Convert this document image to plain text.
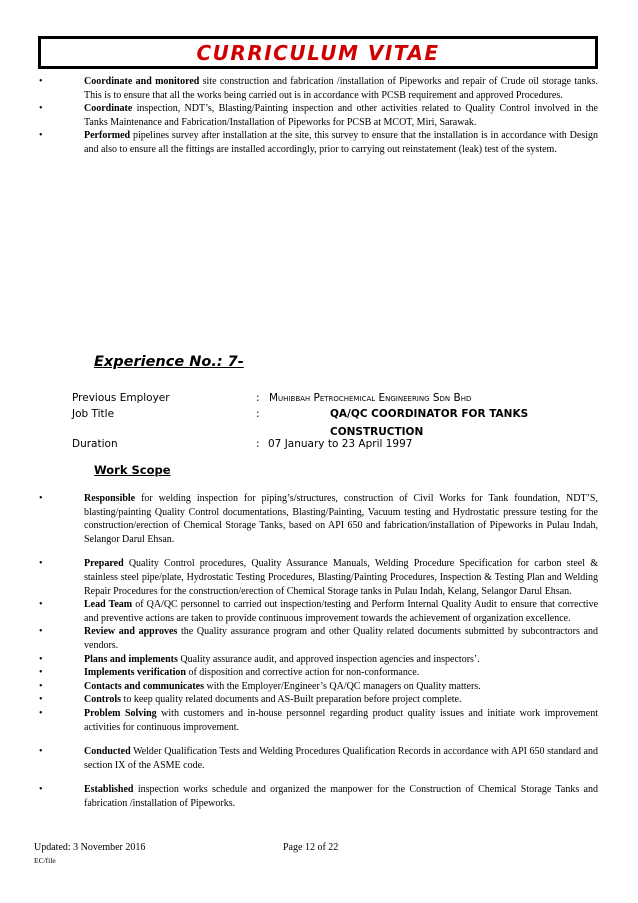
CURRICULUM VITAE
•	Coordinate and monitored site construction and fabrication /installation of Pipeworks and repair of Crude oil storage tanks. This is to ensure that all the works being carried out is in accordance with PCSB requirement and approved Procedures.
•	Coordinate inspection, NDT’s, Blasting/Painting inspection and other activities related to Quality Control involved in the Tanks Maintenance and Fabrication/Installation of Pipeworks for PCSB at MCOT, Miri, Sarawak.
•	Performed pipelines survey after installation at the site, this survey to ensure that the installation is in accordance with Design and also to ensure all the fittings are installed accordingly, prior to carrying out reinstatement (leak) test of the system.
Experience No.: 7-
Previous Employer	: Muhibbah Petrochemical Engineering Sdn Bhd
Job Title	:	QA/QC COORDINATOR FOR TANKS CONSTRUCTION
Duration	: 07 January to 23 April 1997
Work Scope
•	Responsible for welding inspection for piping’s/structures, construction of Civil Works for Tank foundation, NDT’S, blasting/painting Quality Control documentations, Blasting/Painting, Vacuum testing and Hydrostatic pressure testing for the construction/erection of Chemical Storage Tanks, based on API 650 and fabrication/installation of Pipeworks in Pulau Indah, Selangor Darul Ehsan.
•	Prepared Quality Control procedures, Quality Assurance Manuals, Welding Procedure Specification for carbon steel & stainless steel pipe/plate, Hydrostatic Testing Procedures, Blasting/Painting Procedures, Inspection & Testing Plan and Welding Repair Procedures for the construction/erection of Chemical Storage tanks in Pulau Indah, Kelang, Selangor Darul Ehsan.
•	Lead Team of QA/QC personnel to carried out inspection/testing and Perform Internal Quality Audit to ensure that corrective and preventive actions are taken to provide continuous improvement towards the achievement of organization excellence.
•	Review and approves the Quality assurance program and other Quality related documents submitted by subcontractors and vendors.
•	Plans and implements Quality assurance audit, and approved inspection agencies and inspectors’.
•	Implements verification of disposition and corrective action for non-conformance.
•	Contacts and communicates with the Employer/Engineer’s QA/QC managers on Quality matters.
•	Controls to keep quality related documents and AS-Built preparation before project complete.
•	Problem Solving with customers and in-house personnel regarding product quality issues and initiate work improvement activities for continuous improvement.
•	Conducted Welder Qualification Tests and Welding Procedures Qualification Records in accordance with API 650 standard and section IX of the ASME code.
•	Established inspection works schedule and organized the manpower for the Construction of Chemical Storage Tanks and fabrication /installation of Pipeworks.
Updated: 3 November 2016	Page 12 of 22
EC/file
